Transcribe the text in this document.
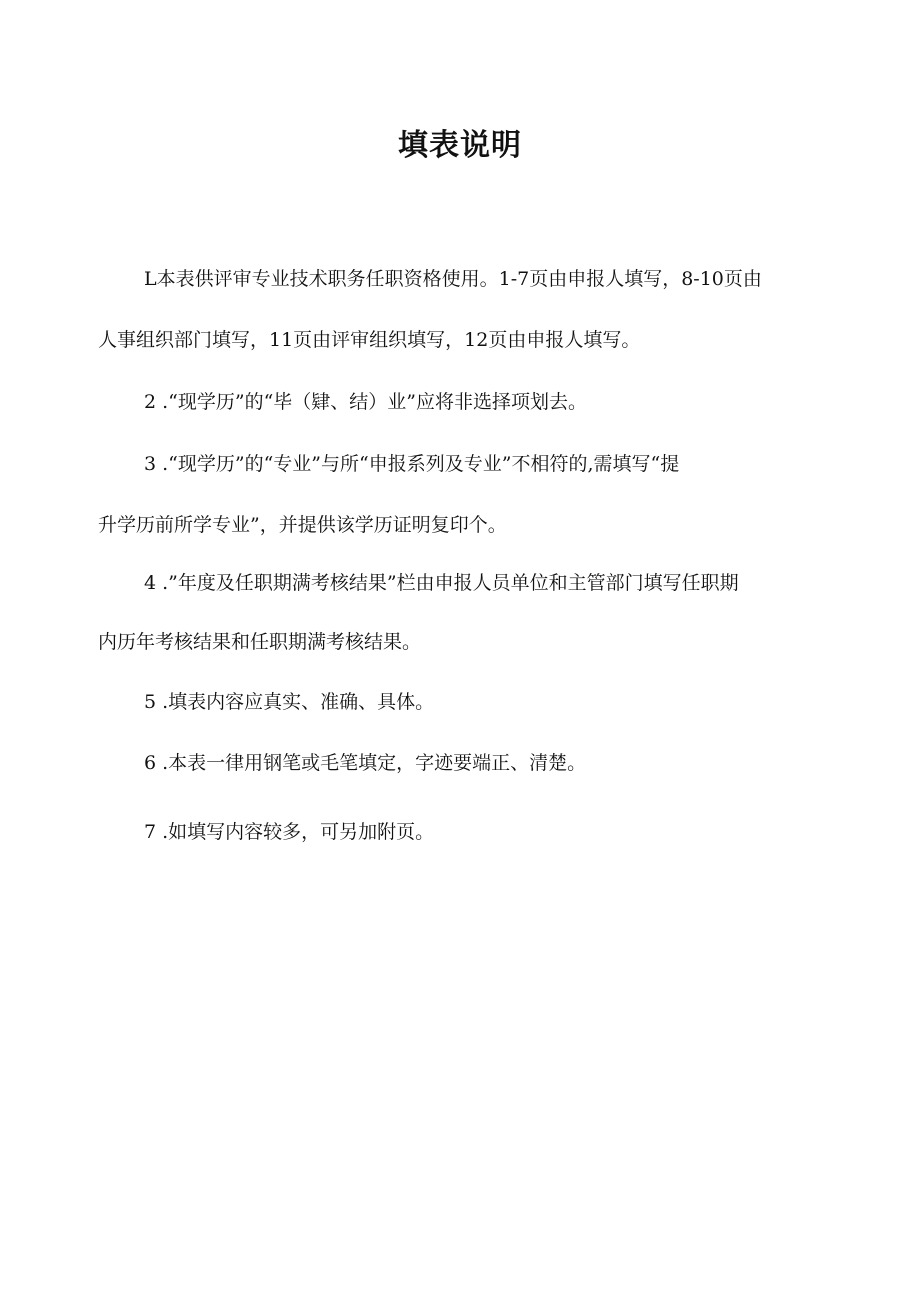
填表说明
L本表供评审专业技术职务任职资格使用。1-7页由申报人填写，8-10页由
人事组织部门填写，11页由评审组织填写，12页由申报人填写。
2 .“现学历”的“毕（肄、结）业”应将非选择项划去。
3 .“现学历”的“专业”与所“申报系列及专业”不相符的,需填写“提
升学历前所学专业”，并提供该学历证明复印个。
4 .”年度及任职期满考核结果”栏由申报人员单位和主管部门填写任职期
内历年考核结果和任职期满考核结果。
5 .填表内容应真实、准确、具体。
6 .本表一律用钢笔或毛笔填定，字迹要端正、清楚。
7 .如填写内容较多，可另加附页。
